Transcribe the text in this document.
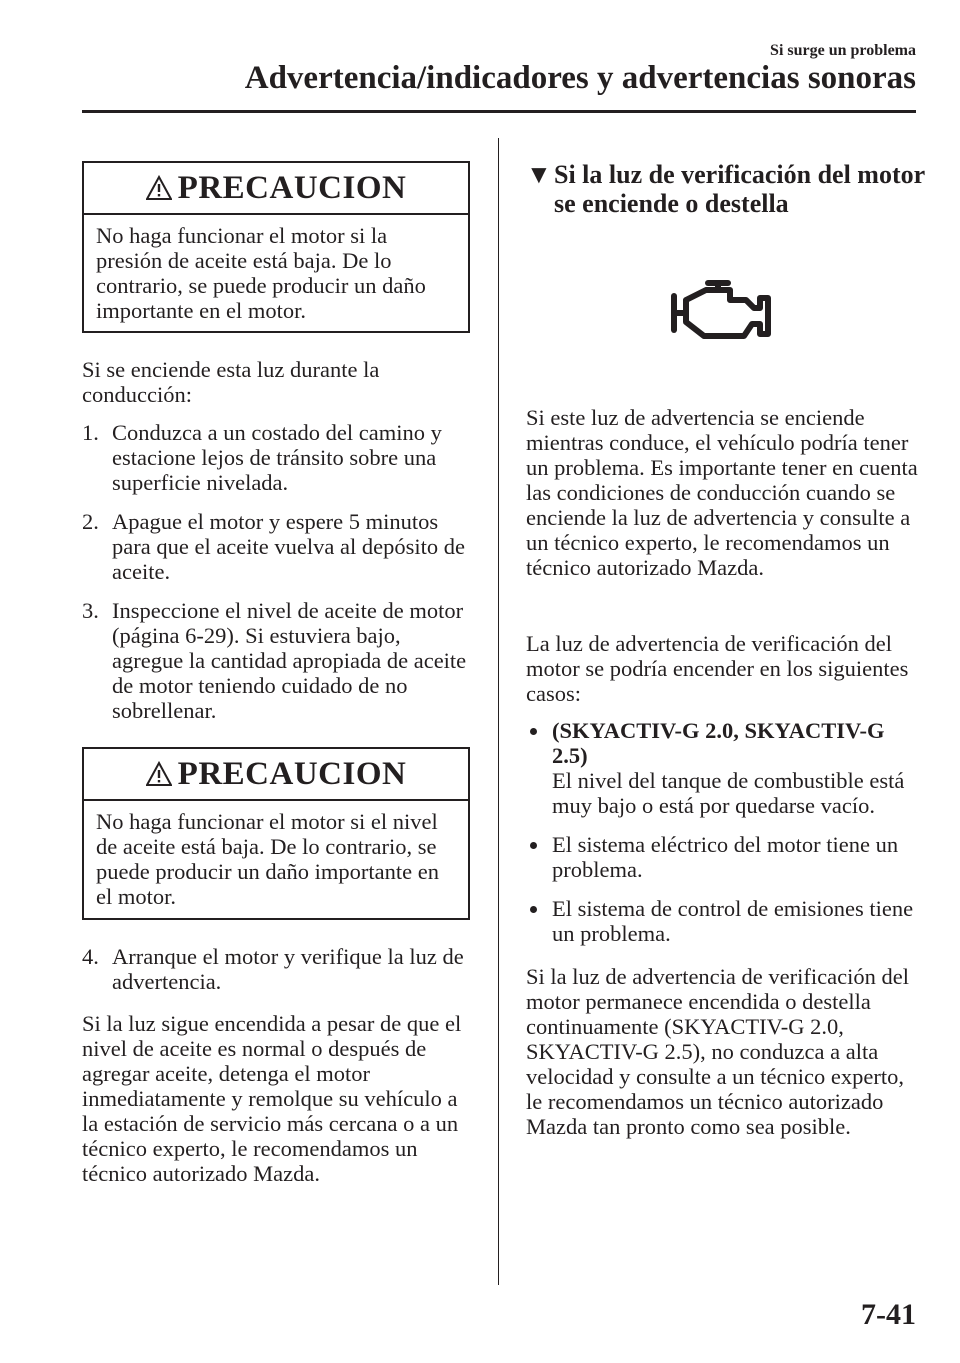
Si surge un problema
Advertencia/indicadores y advertencias sonoras
PRECAUCION
No haga funcionar el motor si la presión de aceite está baja. De lo contrario, se puede producir un daño importante en el motor.

Si se enciende esta luz durante la conducción:

1. Conduzca a un costado del camino y estacione lejos de tránsito sobre una superficie nivelada.
2. Apague el motor y espere 5 minutos para que el aceite vuelva al depósito de aceite.
3. Inspeccione el nivel de aceite de motor (página 6-29). Si estuviera bajo, agregue la cantidad apropiada de aceite de motor teniendo cuidado de no sobrellenar.
PRECAUCION
No haga funcionar el motor si el nivel de aceite está baja. De lo contrario, se puede producir un daño importante en el motor.
4. Arranque el motor y verifique la luz de advertencia.

Si la luz sigue encendida a pesar de que el nivel de aceite es normal o después de agregar aceite, detenga el motor inmediatamente y remolque su vehículo a la estación de servicio más cercana o a un técnico experto, le recomendamos un técnico autorizado Mazda.

▼ Si la luz de verificación del motor
se enciende o destella

Si este luz de advertencia se enciende mientras conduce, el vehículo podría tener un problema. Es importante tener en cuenta las condiciones de conducción cuando se enciende la luz de advertencia y consulte a un técnico experto, le recomendamos un técnico autorizado Mazda.

La luz de advertencia de verificación del motor se podría encender en los siguientes casos:

(SKYACTIV-G 2.0, SKYACTIV-G 2.5)
El nivel del tanque de combustible está muy bajo o está por quedarse vacío.
El sistema eléctrico del motor tiene un problema.
El sistema de control de emisiones tiene un problema.

Si la luz de advertencia de verificación del motor permanece encendida o destella continuamente (SKYACTIV-G 2.0, SKYACTIV-G 2.5), no conduzca a alta velocidad y consulte a un técnico experto, le recomendamos un técnico autorizado Mazda tan pronto como sea posible.

7-41
